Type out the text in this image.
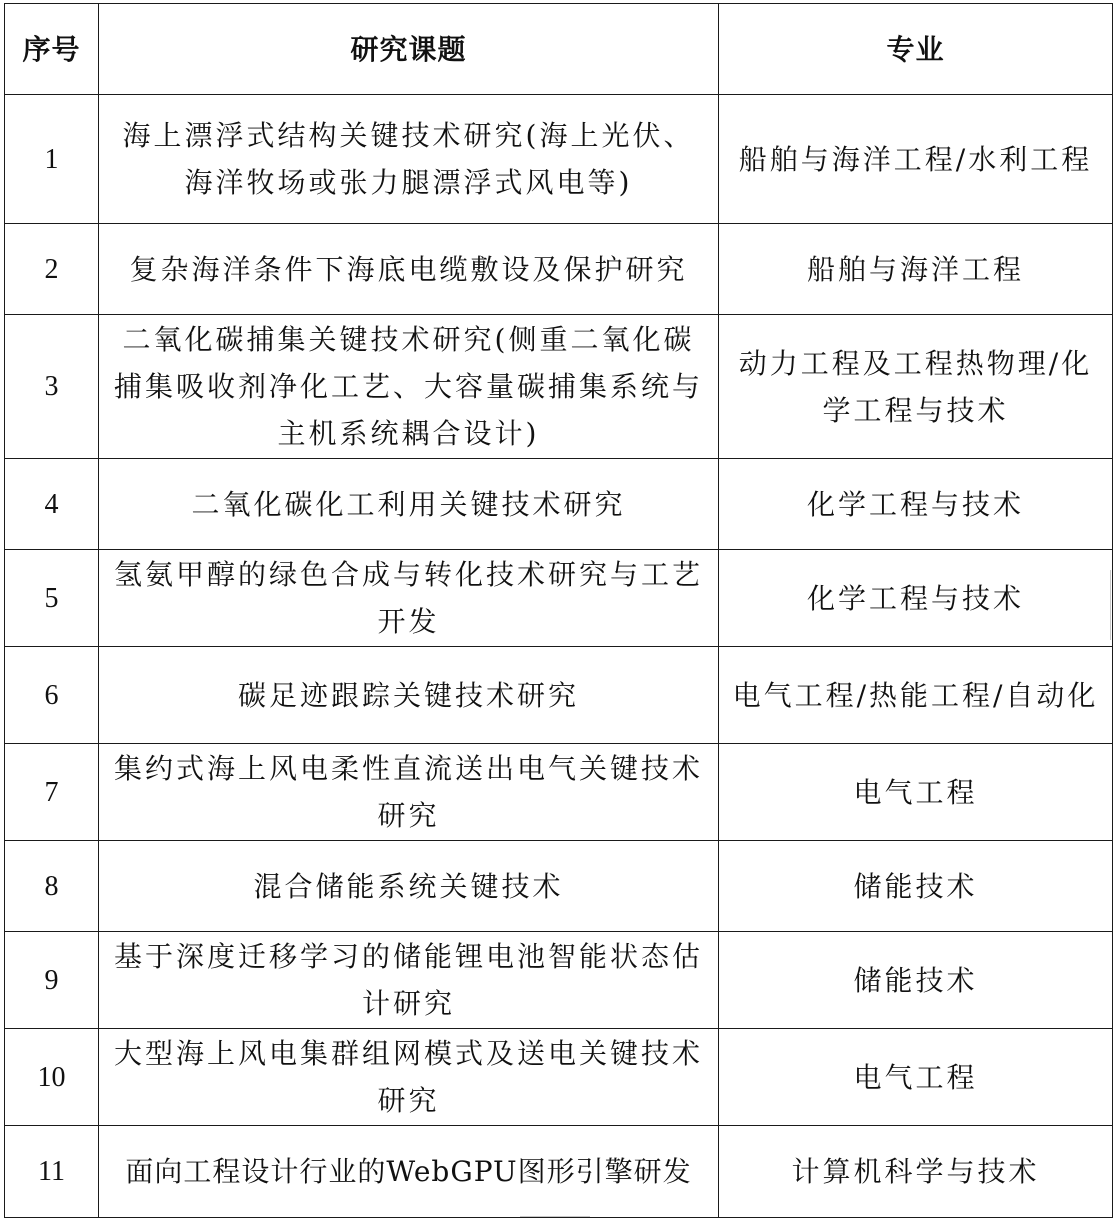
序号	研究课题	专业
1	海上漂浮式结构关键技术研究(海上光伏、海洋牧场或张力腿漂浮式风电等)	船舶与海洋工程/水利工程
2	复杂海洋条件下海底电缆敷设及保护研究	船舶与海洋工程
3	二氧化碳捕集关键技术研究(侧重二氧化碳捕集吸收剂净化工艺、大容量碳捕集系统与主机系统耦合设计)	动力工程及工程热物理/化学工程与技术
4	二氧化碳化工利用关键技术研究	化学工程与技术
5	氢氨甲醇的绿色合成与转化技术研究与工艺开发	化学工程与技术
6	碳足迹跟踪关键技术研究	电气工程/热能工程/自动化
7	集约式海上风电柔性直流送出电气关键技术研究	电气工程
8	混合储能系统关键技术	储能技术
9	基于深度迁移学习的储能锂电池智能状态估计研究	储能技术
10	大型海上风电集群组网模式及送电关键技术研究	电气工程
11	面向工程设计行业的WebGPU图形引擎研发	计算机科学与技术
